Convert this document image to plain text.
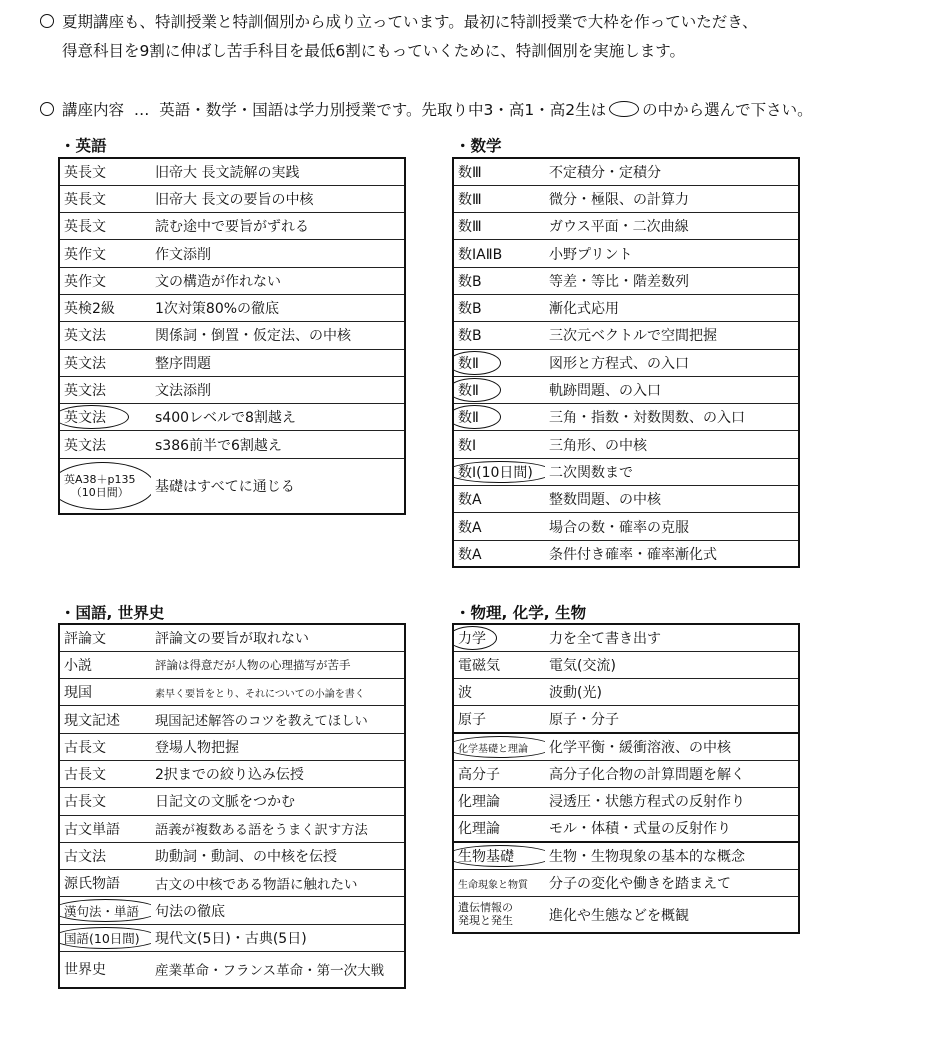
夏期講座も、特訓授業と特訓個別から成り立っています。最初に特訓授業で大枠を作っていただき、
得意科目を9割に伸ばし苦手科目を最低6割にもっていくために、特訓個別を実施します。
講座内容 … 英語・数学・国語は学力別授業です。先取り中3・高1・高2生は の中から選んで下さい。
・英語
英長文	旧帝大 長文読解の実践
英長文	旧帝大 長文の要旨の中核
英長文	読む途中で要旨がずれる
英作文	作文添削
英作文	文の構造が作れない
英検2級	1次対策80%の徹底
英文法	関係詞・倒置・仮定法、の中核
英文法	整序問題
英文法	文法添削

英文法	s400レベルで8割越え
英文法	s386前半で6割越え

英A38＋p135
（10日間）	基礎はすべてに通じる
・数学
数Ⅲ	不定積分・定積分
数Ⅲ	微分・極限、の計算力
数Ⅲ	ガウス平面・二次曲線
数ⅠAⅡB	小野プリント
数B	等差・等比・階差数列
数B	漸化式応用
数B	三次元ベクトルで空間把握

数Ⅱ	図形と方程式、の入口

数Ⅱ	軌跡問題、の入口

数Ⅱ	三角・指数・対数関数、の入口
数Ⅰ	三角形、の中核

数Ⅰ(10日間)	二次関数まで
数A	整数問題、の中核
数A	場合の数・確率の克服
数A	条件付き確率・確率漸化式
・国語, 世界史
評論文	評論文の要旨が取れない
小説	評論は得意だが人物の心理描写が苦手
現国	素早く要旨をとり、それについての小論を書く
現文記述	現国記述解答のコツを教えてほしい
古長文	登場人物把握
古長文	2択までの絞り込み伝授
古長文	日記文の文脈をつかむ
古文単語	語義が複数ある語をうまく訳す方法
古文法	助動詞・動詞、の中核を伝授
源氏物語	古文の中核である物語に触れたい

漢句法・単語	句法の徹底

国語(10日間)	現代文(5日)・古典(5日)
世界史	産業革命・フランス革命・第一次大戦
・物理, 化学, 生物
力学	力を全て書き出す
電磁気	電気(交流)
波	波動(光)
原子	原子・分子

化学基礎と理論	化学平衡・緩衝溶液、の中核
高分子	高分子化合物の計算問題を解く
化理論	浸透圧・状態方程式の反射作り
化理論	モル・体積・式量の反射作り

生物基礎	生物・生物現象の基本的な概念
生命現象と物質	分子の変化や働きを踏まえて
遺伝情報の
発現と発生	進化や生態などを概観
